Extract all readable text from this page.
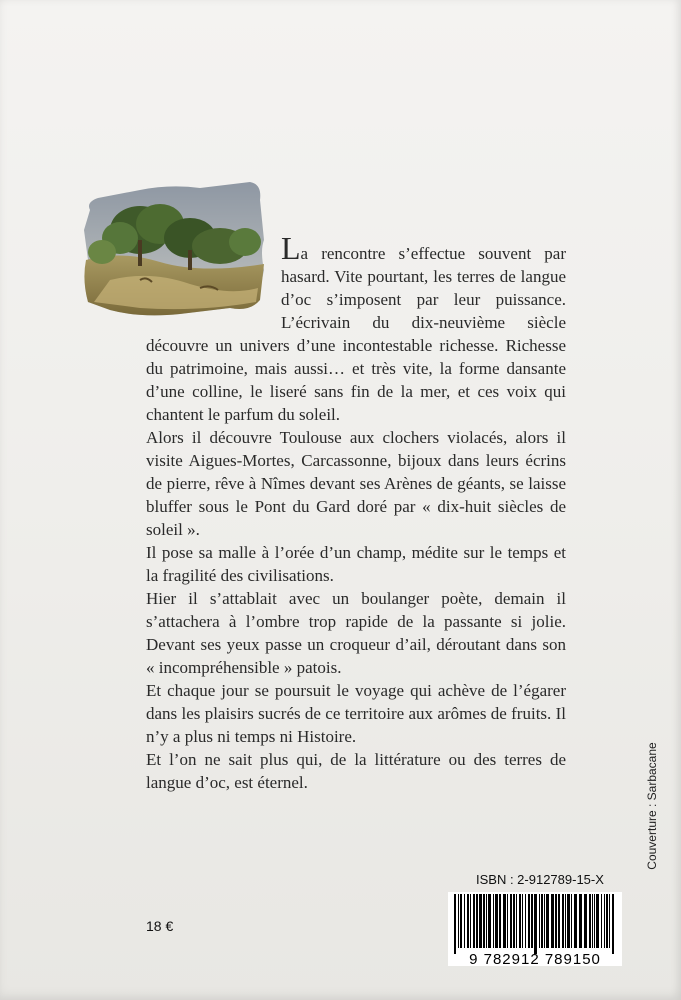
La rencontre s’effectue souvent par hasard. Vite pourtant, les terres de langue d’oc s’imposent par leur puissance. L’écrivain du dix-neuvième siècle découvre un univers d’une incontestable richesse. Richesse du patrimoine, mais aussi… et très vite, la forme dansante d’une colline, le liseré sans fin de la mer, et ces voix qui chantent le parfum du soleil.

Alors il découvre Toulouse aux clochers violacés, alors il visite Aigues-Mortes, Carcassonne, bijoux dans leurs écrins de pierre, rêve à Nîmes devant ses Arènes de géants, se laisse bluffer sous le Pont du Gard doré par « dix-huit siècles de soleil ».

Il pose sa malle à l’orée d’un champ, médite sur le temps et la fragilité des civilisations.

Hier il s’attablait avec un boulanger poète, demain il s’attachera à l’ombre trop rapide de la passante si jolie. Devant ses yeux passe un croqueur d’ail, déroutant dans son « incompréhensible » patois.

Et chaque jour se poursuit le voyage qui achève de l’égarer dans les plaisirs sucrés de ce territoire aux arômes de fruits. Il n’y a plus ni temps ni Histoire.

Et l’on ne sait plus qui, de la littérature ou des terres de langue d’oc, est éternel.	Couverture : Sarbacane
ISBN : 2-912789-15-X
9 782912 789150
18 €
